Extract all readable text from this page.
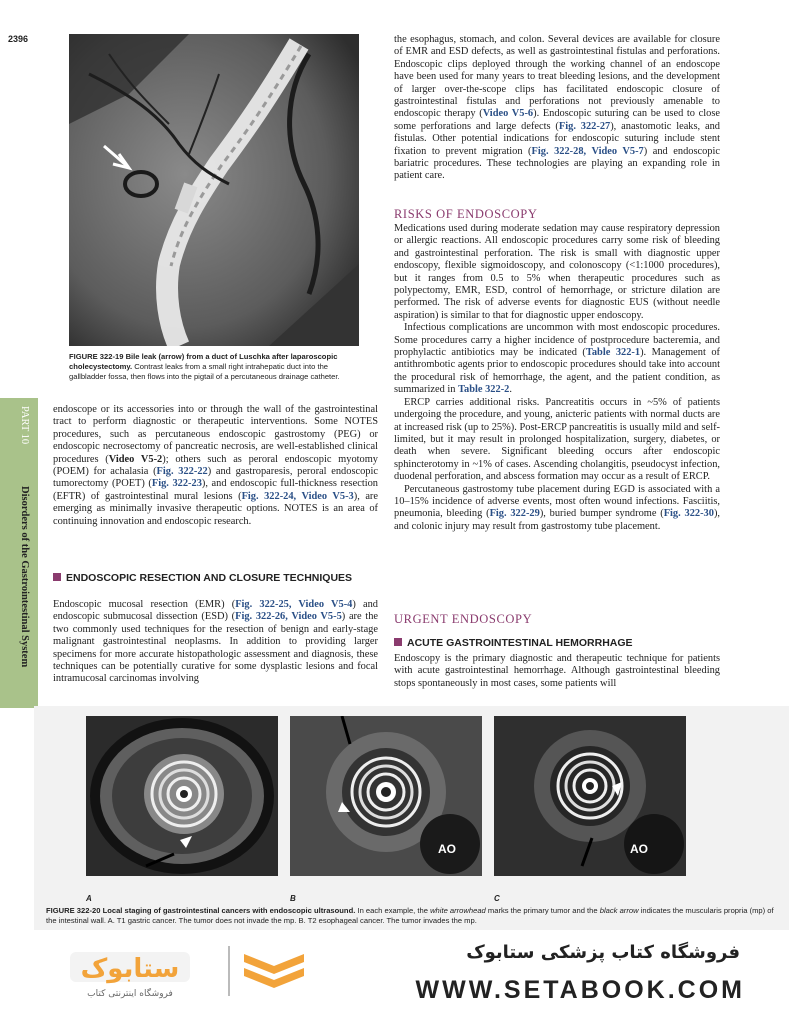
2396
FIGURE 322-19 Bile leak (arrow) from a duct of Luschka after laparoscopic cholecystectomy. Contrast leaks from a small right intrahepatic duct into the gallbladder fossa, then flows into the pigtail of a percutaneous drainage catheter.
PART 10
Disorders of the Gastrointestinal System

endoscope or its accessories into or through the wall of the gastrointestinal tract to perform diagnostic or therapeutic interventions. Some NOTES procedures, such as percutaneous endoscopic gastrostomy (PEG) or endoscopic necrosectomy of pancreatic necrosis, are well-established clinical procedures (Video V5-2); others such as peroral endoscopic myotomy (POEM) for achalasia (Fig. 322-22) and gastroparesis, peroral endoscopic tumorectomy (POET) (Fig. 322-23), and endoscopic full-thickness resection (EFTR) of gastrointestinal mural lesions (Fig. 322-24, Video V5-3), are emerging as minimally invasive therapeutic options. NOTES is an area of continuing innovation and endoscopic research.

ENDOSCOPIC RESECTION AND CLOSURE TECHNIQUES

Endoscopic mucosal resection (EMR) (Fig. 322-25, Video V5-4) and endoscopic submucosal dissection (ESD) (Fig. 322-26, Video V5-5) are the two commonly used techniques for the resection of benign and early-stage malignant gastrointestinal neoplasms. In addition to providing larger specimens for more accurate histopathologic assessment and diagnosis, these techniques can be potentially curative for some dysplastic lesions and focal intramucosal carcinomas involving

the esophagus, stomach, and colon. Several devices are available for closure of EMR and ESD defects, as well as gastrointestinal fistulas and perforations. Endoscopic clips deployed through the working channel of an endoscope have been used for many years to treat bleeding lesions, and the development of larger over-the-scope clips has facilitated endoscopic closure of gastrointestinal fistulas and perforations not previously amenable to endoscopic therapy (Video V5-6). Endoscopic suturing can be used to close some perforations and large defects (Fig. 322-27), anastomotic leaks, and fistulas. Other potential indications for endoscopic suturing include stent fixation to prevent migration (Fig. 322-28, Video V5-7) and endoscopic bariatric procedures. These technologies are playing an expanding role in patient care.

RISKS OF ENDOSCOPY

Medications used during moderate sedation may cause respiratory depression or allergic reactions. All endoscopic procedures carry some risk of bleeding and gastrointestinal perforation. The risk is small with diagnostic upper endoscopy, flexible sigmoidoscopy, and colonoscopy (<1:1000 procedures), but it ranges from 0.5 to 5% when therapeutic procedures such as polypectomy, EMR, ESD, control of hemorrhage, or stricture dilation are performed. The risk of adverse events for diagnostic EUS (without needle aspiration) is similar to that for diagnostic upper endoscopy.

Infectious complications are uncommon with most endoscopic procedures. Some procedures carry a higher incidence of postprocedure bacteremia, and prophylactic antibiotics may be indicated (Table 322-1). Management of antithrombotic agents prior to endoscopic procedures should take into account the procedural risk of hemorrhage, the agent, and the patient condition, as summarized in Table 322-2.

ERCP carries additional risks. Pancreatitis occurs in ~5% of patients undergoing the procedure, and young, anicteric patients with normal ducts are at increased risk (up to 25%). Post-ERCP pancreatitis is usually mild and self-limited, but it may result in prolonged hospitalization, surgery, diabetes, or death when severe. Significant bleeding occurs after endoscopic sphincterotomy in ~1% of cases. Ascending cholangitis, pseudocyst infection, duodenal perforation, and abscess formation may occur as a result of ERCP.

Percutaneous gastrostomy tube placement during EGD is associated with a 10–15% incidence of adverse events, most often wound infections. Fasciitis, pneumonia, bleeding (Fig. 322-29), buried bumper syndrome (Fig. 322-30), and colonic injury may result from gastrostomy tube placement.

URGENT ENDOSCOPY
ACUTE GASTROINTESTINAL HEMORRHAGE

Endoscopy is the primary diagnostic and therapeutic technique for patients with acute gastrointestinal hemorrhage. Although gastrointestinal bleeding stops spontaneously in most cases, some patients will

AO	AO
A	B	C
FIGURE 322-20 Local staging of gastrointestinal cancers with endoscopic ultrasound. In each example, the white arrowhead marks the primary tumor and the black arrow indicates the muscularis propria (mp) of the intestinal wall. A. T1 gastric cancer. The tumor does not invade the mp. B. T2 esophageal cancer. The tumor invades the mp.
ستابوک
فروشگاه اینترنتی کتاب
فروشگاه کتاب پزشکی ستابوک
WWW.SETABOOK.COM
